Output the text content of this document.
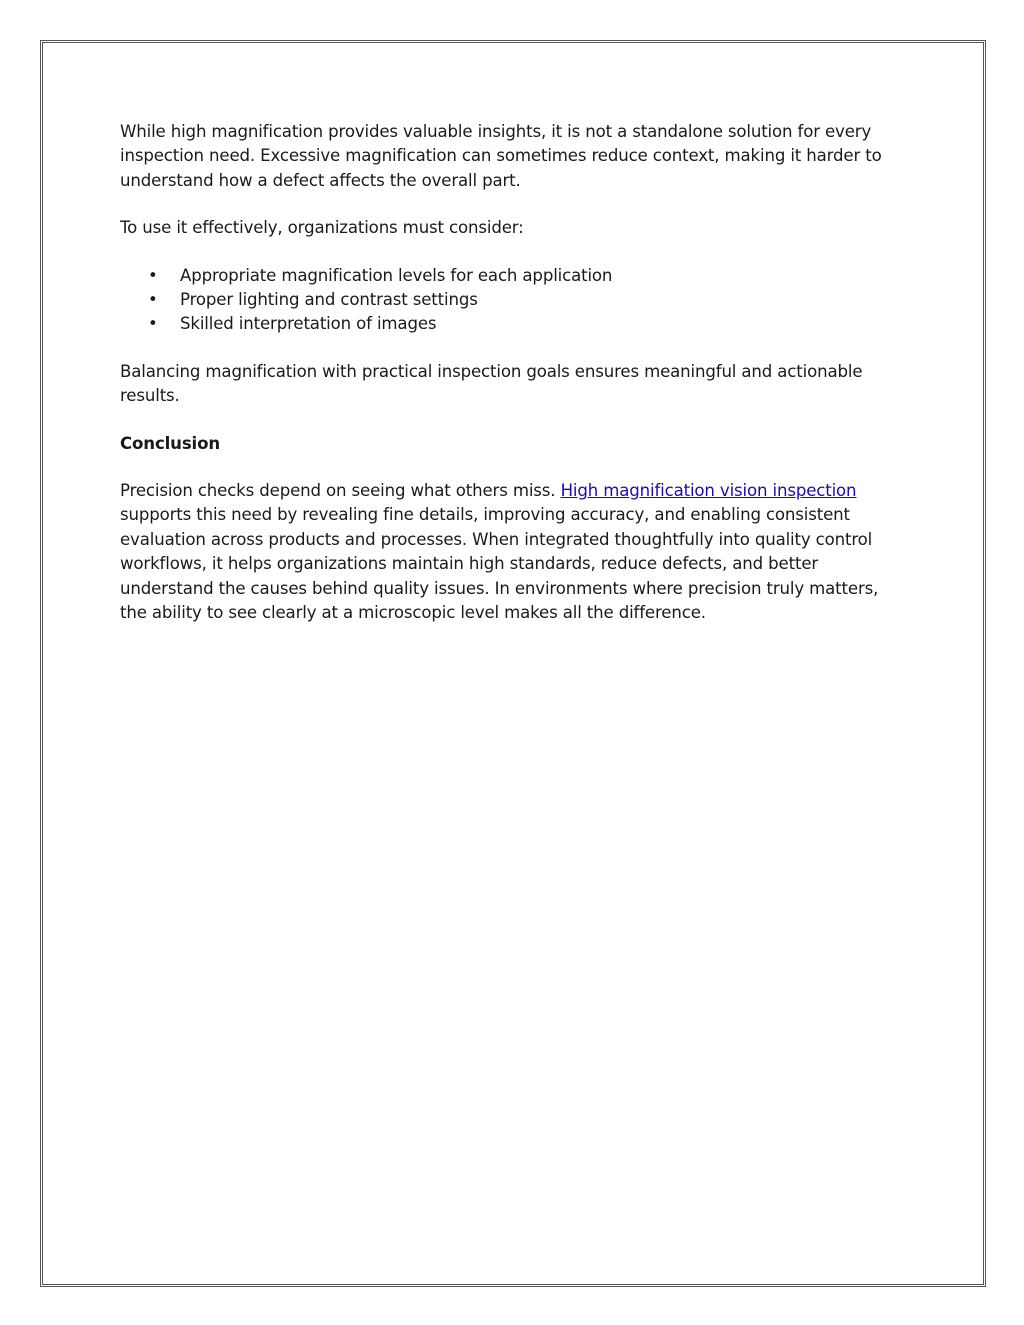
While high magnification provides valuable insights, it is not a standalone solution for every inspection need. Excessive magnification can sometimes reduce context, making it harder to understand how a defect affects the overall part.

To use it effectively, organizations must consider:

• Appropriate magnification levels for each application
• Proper lighting and contrast settings
• Skilled interpretation of images

Balancing magnification with practical inspection goals ensures meaningful and actionable results.

Conclusion

Precision checks depend on seeing what others miss. High magnification vision inspection supports this need by revealing fine details, improving accuracy, and enabling consistent evaluation across products and processes. When integrated thoughtfully into quality control workflows, it helps organizations maintain high standards, reduce defects, and better understand the causes behind quality issues. In environments where precision truly matters, the ability to see clearly at a microscopic level makes all the difference.
